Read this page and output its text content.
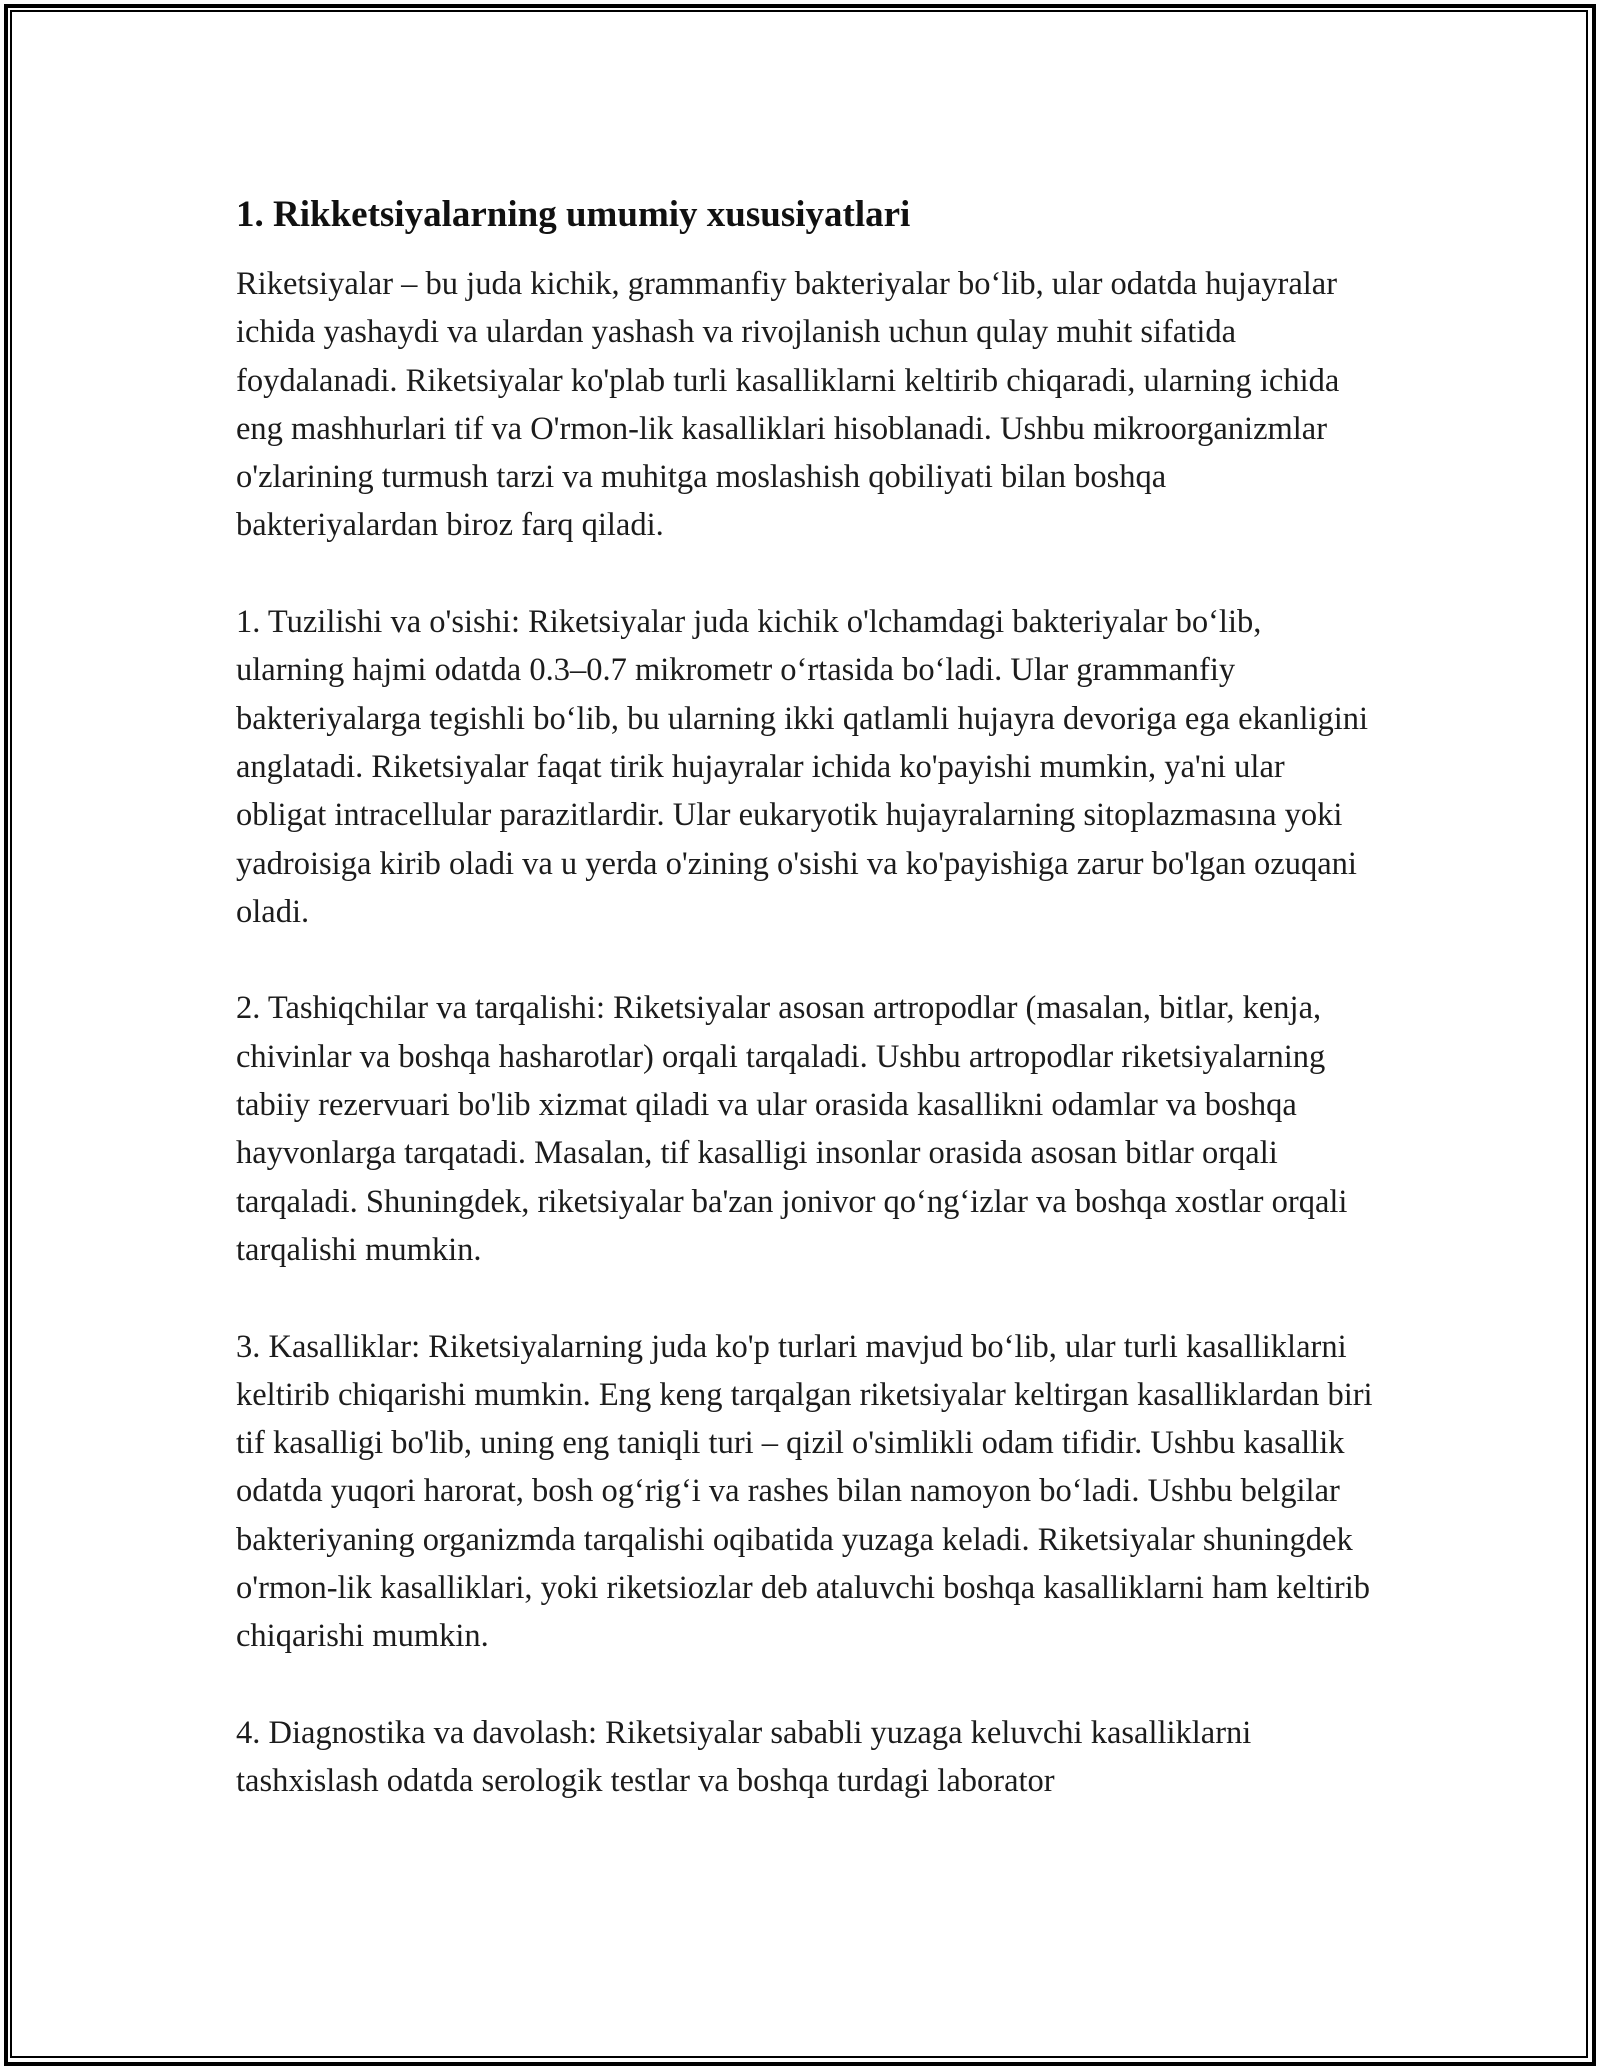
1. Rikketsiyalarning umumiy xususiyatlari

Riketsiyalar – bu juda kichik, grammanfiy bakteriyalar bo‘lib, ular odatda hujayralar ichida yashaydi va ulardan yashash va rivojlanish uchun qulay muhit sifatida foydalanadi. Riketsiyalar ko'plab turli kasalliklarni keltirib chiqaradi, ularning ichida eng mashhurlari tif va O'rmon-lik kasalliklari hisoblanadi. Ushbu mikroorganizmlar o'zlarining turmush tarzi va muhitga moslashish qobiliyati bilan boshqa bakteriyalardan biroz farq qiladi.

1. Tuzilishi va o'sishi: Riketsiyalar juda kichik o'lchamdagi bakteriyalar bo‘lib, ularning hajmi odatda 0.3–0.7 mikrometr o‘rtasida bo‘ladi. Ular grammanfiy bakteriyalarga tegishli bo‘lib, bu ularning ikki qatlamli hujayra devoriga ega ekanligini anglatadi. Riketsiyalar faqat tirik hujayralar ichida ko'payishi mumkin, ya'ni ular obligat intracellular parazitlardir. Ular eukaryotik hujayralarning sitoplazmasına yoki yadroisiga kirib oladi va u yerda o'zining o'sishi va ko'payishiga zarur bo'lgan ozuqani oladi.

2. Tashiqchilar va tarqalishi: Riketsiyalar asosan artropodlar (masalan, bitlar, kenja, chivinlar va boshqa hasharotlar) orqali tarqaladi. Ushbu artropodlar riketsiyalarning tabiiy rezervuari bo'lib xizmat qiladi va ular orasida kasallikni odamlar va boshqa hayvonlarga tarqatadi. Masalan, tif kasalligi insonlar orasida asosan bitlar orqali tarqaladi. Shuningdek, riketsiyalar ba'zan jonivor qo‘ng‘izlar va boshqa xostlar orqali tarqalishi mumkin.

3. Kasalliklar: Riketsiyalarning juda ko'p turlari mavjud bo‘lib, ular turli kasalliklarni keltirib chiqarishi mumkin. Eng keng tarqalgan riketsiyalar keltirgan kasalliklardan biri tif kasalligi bo'lib, uning eng taniqli turi – qizil o'simlikli odam tifidir. Ushbu kasallik odatda yuqori harorat, bosh og‘rig‘i va rashes bilan namoyon bo‘ladi. Ushbu belgilar bakteriyaning organizmda tarqalishi oqibatida yuzaga keladi. Riketsiyalar shuningdek o'rmon-lik kasalliklari, yoki riketsiozlar deb ataluvchi boshqa kasalliklarni ham keltirib chiqarishi mumkin.

4. Diagnostika va davolash: Riketsiyalar sababli yuzaga keluvchi kasalliklarni tashxislash odatda serologik testlar va boshqa turdagi laborator
